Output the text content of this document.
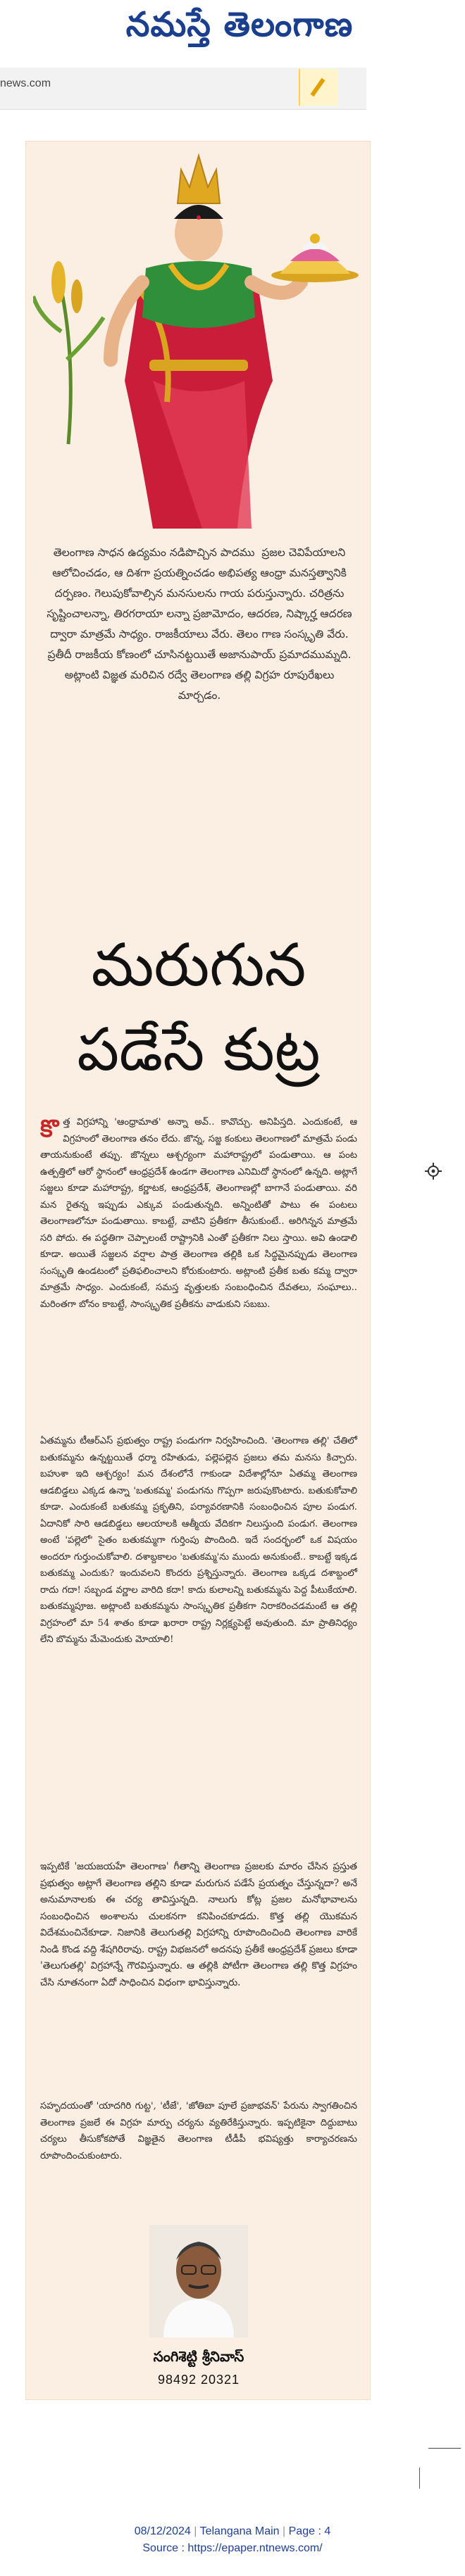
నమస్తే తెలంగాణ
news.com
తెలంగాణ సాధన ఉద్యమం నడిపొచ్చిన పాదము  ప్రజల చెవిపేయాలని ఆలోచించడం, ఆ దిశగా ప్రయత్నించడం అభిపత్య ఆంధ్రా మనస్తత్వానికి దర్పణం. గెలుపుకోవాల్సిన మనసులను గాయ పరుస్తున్నారు. చరిత్రను సృష్టించాలన్నా, తిరగరాయా లన్నా ప్రజామోదం, ఆదరణ, నిష్కార్హ ఆదరణ ద్వారా మాత్రమే సాధ్యం. రాజకీయాలు వేరు. తెలం గాణ సంస్కృతి వేరు. ప్రతీదీ రాజకీయ కోణంలో చూసినట్టయితే అజానుపాయ్ ప్రమాదముమ్నది. అట్లాంటి విజ్ఞత మరిచిన రద్వే తెలంగాణ తల్లి విగ్రహ రూపురేఖలు మార్చడం.
మరుగున
పడేసే కుట్ర
కొ త్త విగ్రహాన్ని 'ఆంధ్రామాత' అన్నా అవ్.. కావొచ్చు. అనిపిస్తది. ఎందుకంటే, ఆ విగ్రహంలో తెలంగాణ తనం లేదు. జొన్న, సజ్జ కంకులు తెలంగాణలో మాత్రమే పండు తాయనుకుంటే తప్పు. జొన్నలు ఆశ్చర్యంగా మహారాష్ట్రలో పండుతాయి. ఆ పంట ఉత్పత్తిలో ఆరో స్థానంలో ఆంధ్రప్రదేశ్ ఉండగా తెలంగాణ ఎనిమిదో స్థానంలో ఉన్నది. అట్లాగే సజ్జలు కూడా మహారాష్ట్ర, కర్ణాటక, ఆంధ్రప్రదేశ్, తెలంగాణల్లో బాగానే పండుతాయి. వరి మన రైతన్న ఇప్పుడు ఎక్కువ పండుతున్నది. అన్నింటితో పాటు ఈ పంటలు తెలంగాణలోనూ పండుతాయి. కాబట్టే, వాటిని ప్రతీకగా తీసుకుంటే.. అరిగిన్నన మాత్రమే సరి పోదు. ఈ పద్ధతిగా చెప్పాలంటే రాష్ట్రానికి ఎంతో ప్రతీకగా నిలు స్తాయి. అవి ఉండాలి కూడా. అయితే సజ్జలన వర్షాల పాత్ర తెలంగాణ తల్లికి ఒక సిద్ధమైనప్పుడు తెలంగాణ సంస్కృతి ఉండటంలో ప్రతిఫలించాలని కోరుకుంటారు. అట్లాంటి ప్రతీక బతు కమ్మ ద్వారా మాత్రమే సాధ్యం. ఎందుకంటే, సమస్త వృత్తులకు సంబంధించిన దేవతలు, సంఘాలు.. మరింతగా బోనం కాబట్టే, సాంస్కృతిక ప్రతీకను వాడుకుని సబబు.
ఏతమ్మను టీఆర్ఎస్ ప్రభుత్వం రాష్ట్ర పండుగగా నిర్వహించింది. 'తెలంగాణ తల్లి' చేతిలో బతుకమ్మను ఉన్నట్టయితే ధర్మా రహితుడు, పల్లెపల్లెన ప్రజలు తమ మనసు కిచ్చారు. బహుశా ఇది ఆశ్చర్యం! మన దేశంలోనే గాకుండా విదేశాల్లోనూ ఏతమ్మ తెలంగాణ ఆడబిడ్డలు ఎక్కడ ఉన్నా 'బతుకమ్మ' పండుగను గొప్పగా జరుపుకొంటారు. బతుకుకోవాలి కూడా. ఎందుకంటే బతుకమ్మ ప్రకృతిని, పర్యావరణానికి సంబంధించిన పూల పండుగ. ఏదానికో సారి ఆడబిడ్డలు ఆలయాలకి ఆత్మీయ వేదికగా నిలుస్తుంది పండుగ. తెలంగాణ అంటే 'పల్లెలో' సైతం బతుకమ్మగా గుర్తింపు పొందింది. ఇదే సందర్భంలో ఒక విషయం అందరూ గుర్తుంచుకోవాలి. దశాబ్దకాలం 'బతుకమ్మ'ను ముందు అనుకుంటే.. కాబట్టే ఇక్కడ బతుకమ్మ ఎందుకు? ఇందువలని కొందరు ప్రశ్నిస్తున్నారు. తెలంగాణ ఒక్కడ దశాబ్దంలో రాదు గదా! సబ్బండ వర్ణాల వారిది కదా! కాదు కులాలన్ని బతుకమ్మను పెద్ద పీటుకేయాలి. బతుకమ్మపూజ. అట్లాంటి బతుకమ్మను సాంస్కృతిక ప్రతీకగా నిరాకరించడమంటే ఆ తల్లి విగ్రహంలో మా 54 శాతం కూడా ఖరారా రాష్ట్ర నిర్లక్ష్యపెట్టే అవుతుంది. మా ప్రాతినిధ్యం లేని బొమ్మను మేమెందుకు మోయాలి!
ఇప్పటికే 'జయజయహే తెలంగాణ' గీతాన్ని తెలంగాణ ప్రజలకు మారం చేసిన ప్రస్తుత ప్రభుత్వం అట్లాగే తెలంగాణ తల్లిని కూడా మరుగున పడేసే ప్రయత్నం చేస్తున్నదా? అనే అనుమానాలకు ఈ చర్య తావిస్తున్నది. నాలుగు కోట్ల ప్రజల మనోభావాలను సంబంధించిన అంశాలను చులకనగా కనిపించకూడదు. కొత్త తల్లి యొకమన విదేశమంచినేకూడా. నిజానికి తెలుగుతల్లి విగ్రహాన్ని రూపొందించింది తెలంగాణ వారికే నిండి కొండ వద్ది శేషగిరిరావు. రాష్ట్ర విభజనలో అదనపు ప్రతీకే ఆంధ్రప్రదేశ్ ప్రజలు కూడా 'తెలుగుతల్లి' విగ్రహాన్నే గౌరవిస్తున్నారు. ఆ తల్లికి పోటీగా తెలంగాణ తల్లి కొత్త విగ్రహం చేసి నూతనంగా ఏదో సాధించిన విధంగా భావిస్తున్నారు.
సహృదయంతో 'యాదగిరి గుట్ట', 'టీజే', 'జోతిబా పూలే ప్రజాభవన్' పేరును స్వాగతించిన తెలంగాణ ప్రజలే ఈ విగ్రహ మార్పు చర్యను వ్యతిరేకిస్తున్నారు. ఇప్పటికైనా దిద్దుబాటు చర్యలు తీసుకోకపోతే విజ్ఞతైన తెలంగాణ టీడీపీ భవిష్యత్తు కార్యాచరణను రూపొందించుకుంటారు.
సంగిశెట్టి శ్రీనివాస్
98492 20321
08/12/2024 | Telangana Main | Page : 4
Source : https://epaper.ntnews.com/
